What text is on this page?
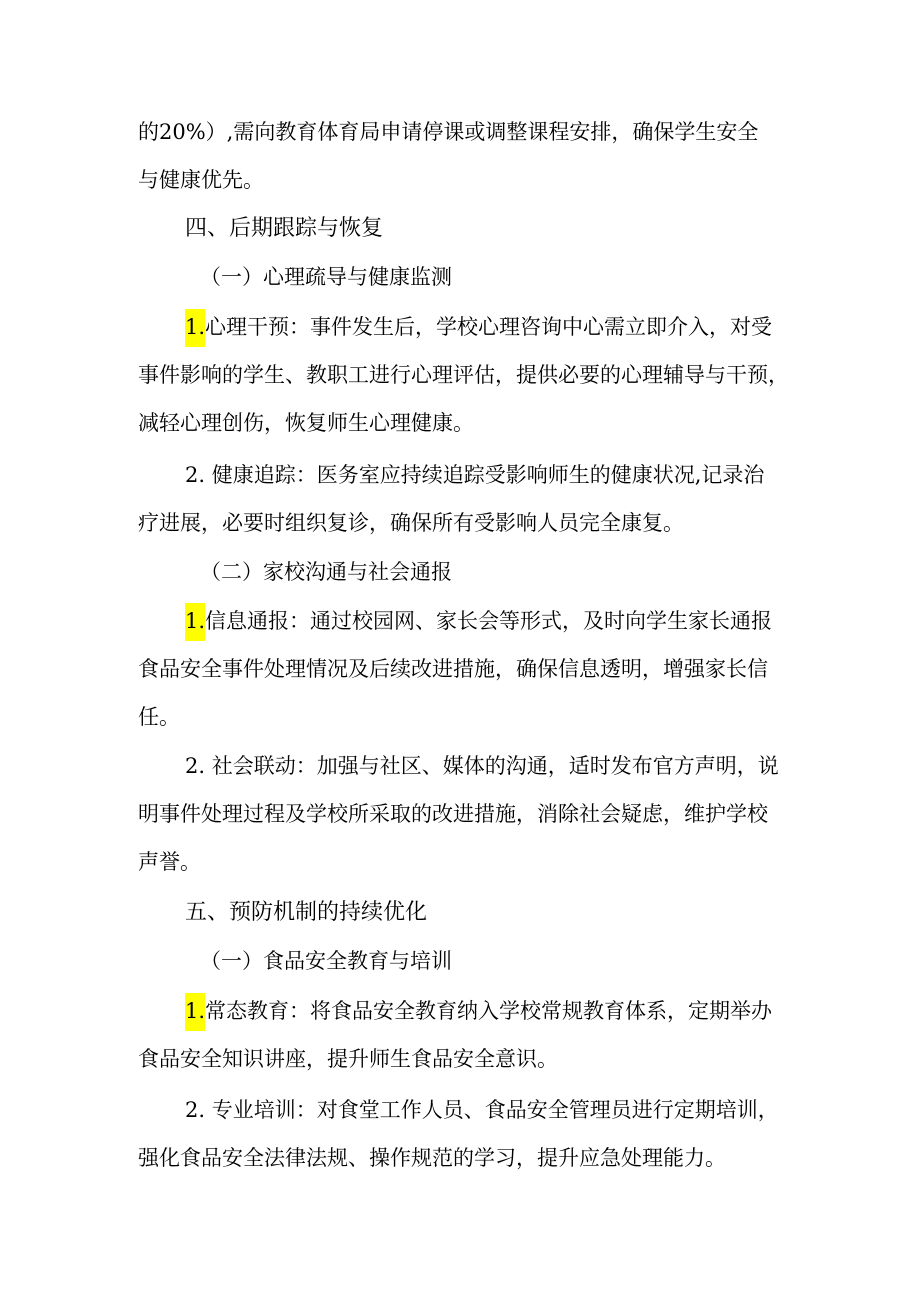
的20%）,需向教育体育局申请停课或调整课程安排，确保学生安全
与健康优先。
四、后期跟踪与恢复
（一）心理疏导与健康监测
1.心理干预：事件发生后，学校心理咨询中心需立即介入，对受
事件影响的学生、教职工进行心理评估，提供必要的心理辅导与干预，
减轻心理创伤，恢复师生心理健康。
2. 健康追踪：医务室应持续追踪受影响师生的健康状况,记录治
疗进展，必要时组织复诊，确保所有受影响人员完全康复。
（二）家校沟通与社会通报
1.信息通报：通过校园网、家长会等形式，及时向学生家长通报
食品安全事件处理情况及后续改进措施，确保信息透明，增强家长信
任。
2. 社会联动：加强与社区、媒体的沟通，适时发布官方声明，说
明事件处理过程及学校所采取的改进措施，消除社会疑虑，维护学校
声誉。
五、预防机制的持续优化
（一）食品安全教育与培训
1.常态教育：将食品安全教育纳入学校常规教育体系，定期举办
食品安全知识讲座，提升师生食品安全意识。
2. 专业培训：对食堂工作人员、食品安全管理员进行定期培训，
强化食品安全法律法规、操作规范的学习，提升应急处理能力。
